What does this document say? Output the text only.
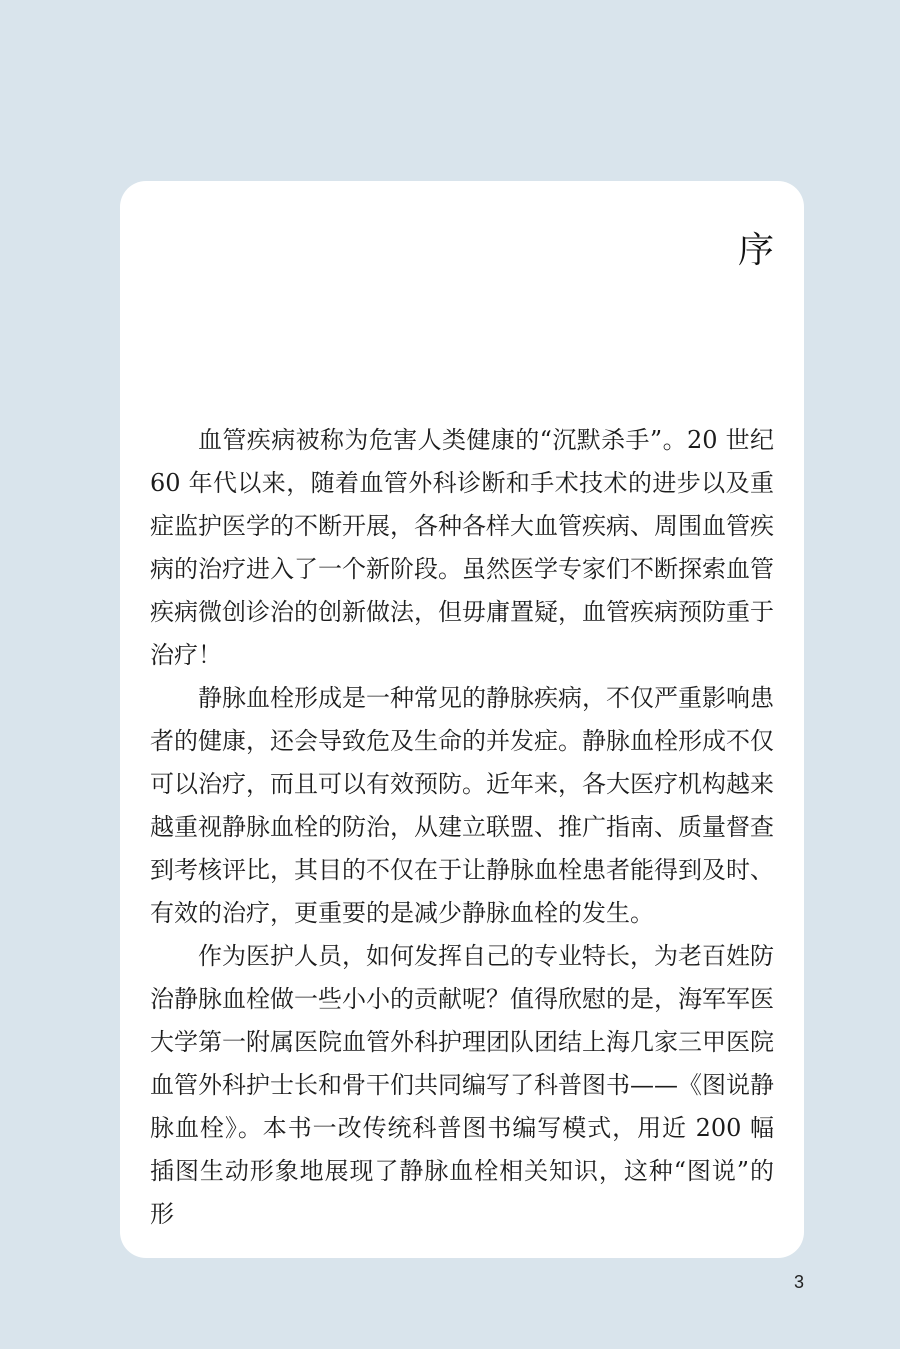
序

血管疾病被称为危害人类健康的“沉默杀手”。20 世纪 60 年代以来，随着血管外科诊断和手术技术的进步以及重症监护医学的不断开展，各种各样大血管疾病、周围血管疾病的治疗进入了一个新阶段。虽然医学专家们不断探索血管疾病微创诊治的创新做法，但毋庸置疑，血管疾病预防重于治疗！

静脉血栓形成是一种常见的静脉疾病，不仅严重影响患者的健康，还会导致危及生命的并发症。静脉血栓形成不仅可以治疗，而且可以有效预防。近年来，各大医疗机构越来越重视静脉血栓的防治，从建立联盟、推广指南、质量督查到考核评比，其目的不仅在于让静脉血栓患者能得到及时、有效的治疗，更重要的是减少静脉血栓的发生。

作为医护人员，如何发挥自己的专业特长，为老百姓防治静脉血栓做一些小小的贡献呢？值得欣慰的是，海军军医大学第一附属医院血管外科护理团队团结上海几家三甲医院血管外科护士长和骨干们共同编写了科普图书——《图说静脉血栓》。本书一改传统科普图书编写模式，用近 200 幅插图生动形象地展现了静脉血栓相关知识，这种“图说”的形

3
